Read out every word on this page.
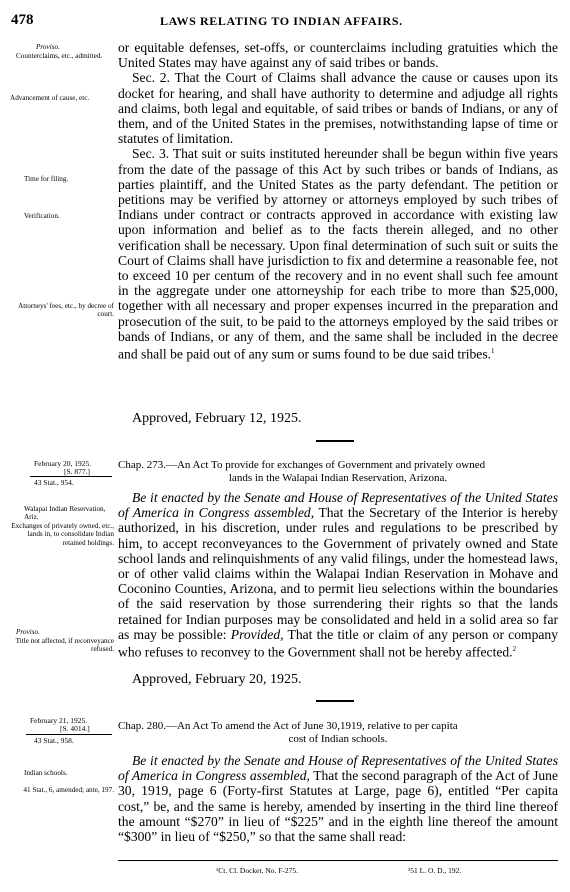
478	LAWS RELATING TO INDIAN AFFAIRS.
Proviso.
Counterclaims, etc., admitted.
Advancement of cause, etc.
Time for filing.
Verification.
Attorneys' fees, etc., by decree of court.

or equitable defenses, set-offs, or counterclaims including gratuities which the United States may have against any of said tribes or bands.

Sec. 2. That the Court of Claims shall advance the cause or causes upon its docket for hearing, and shall have authority to determine and adjudge all rights and claims, both legal and equitable, of said tribes or bands of Indians, or any of them, and of the United States in the premises, notwithstanding lapse of time or statutes of limitation.

Sec. 3. That suit or suits instituted hereunder shall be begun within five years from the date of the passage of this Act by such tribes or bands of Indians, as parties plaintiff, and the United States as the party defendant. The petition or petitions may be verified by attorney or attorneys employed by such tribes of Indians under contract or contracts approved in accordance with existing law upon information and belief as to the facts therein alleged, and no other verification shall be necessary. Upon final determination of such suit or suits the Court of Claims shall have jurisdiction to fix and determine a reasonable fee, not to exceed 10 per centum of the recovery and in no event shall such fee amount in the aggregate under one attorneyship for each tribe to more than $25,000, together with all necessary and proper expenses incurred in the preparation and prosecution of the suit, to be paid to the attorneys employed by the said tribes or bands of Indians, or any of them, and the same shall be included in the decree and shall be paid out of any sum or sums found to be due said tribes.$^1$

Approved, February 12, 1925.
February 20, 1925.
[S. 877.]
43 Stat., 954.
Chap. 273.—An Act To provide for exchanges of Government and privately owned
lands in the Walapai Indian Reservation, Arizona.
Walapai Indian Reservation, Ariz.
Exchanges of privately owned, etc., lands in, to consolidate Indian retained holdings.
Proviso.
Title not affected, if reconveyance refused.

Be it enacted by the Senate and House of Representatives of the United States of America in Congress assembled, That the Secretary of the Interior is hereby authorized, in his discretion, under rules and regulations to be prescribed by him, to accept reconveyances to the Government of privately owned and State school lands and relinquishments of any valid filings, under the homestead laws, or of other valid claims within the Walapai Indian Reservation in Mohave and Coconino Counties, Arizona, and to permit lieu selections within the boundaries of the said reservation by those surrendering their rights so that the lands retained for Indian purposes may be consolidated and held in a solid area so far as may be possible: Provided, That the title or claim of any person or company who refuses to reconvey to the Government shall not be hereby affected.$^2$

Approved, February 20, 1925.
February 21, 1925.
[S. 4014.]
43 Stat., 958.
Chap. 280.—An Act To amend the Act of June 30,1919, relative to per capita
cost of Indian schools.
Indian schools.
41 Stat., 6, amended; ante, 197.

Be it enacted by the Senate and House of Representatives of the United States of America in Congress assembled, That the second paragraph of the Act of June 30, 1919, page 6 (Forty-first Statutes at Large, page 6), entitled “Per capita cost,” be, and the same is hereby, amended by inserting in the third line thereof the amount “$270” in lieu of “$225” and in the eighth line thereof the amount “$300” in lieu of “$250,” so that the same shall read:

¹Ct. Cl. Docket. No. F-275.	²51 L. O. D., 192.
